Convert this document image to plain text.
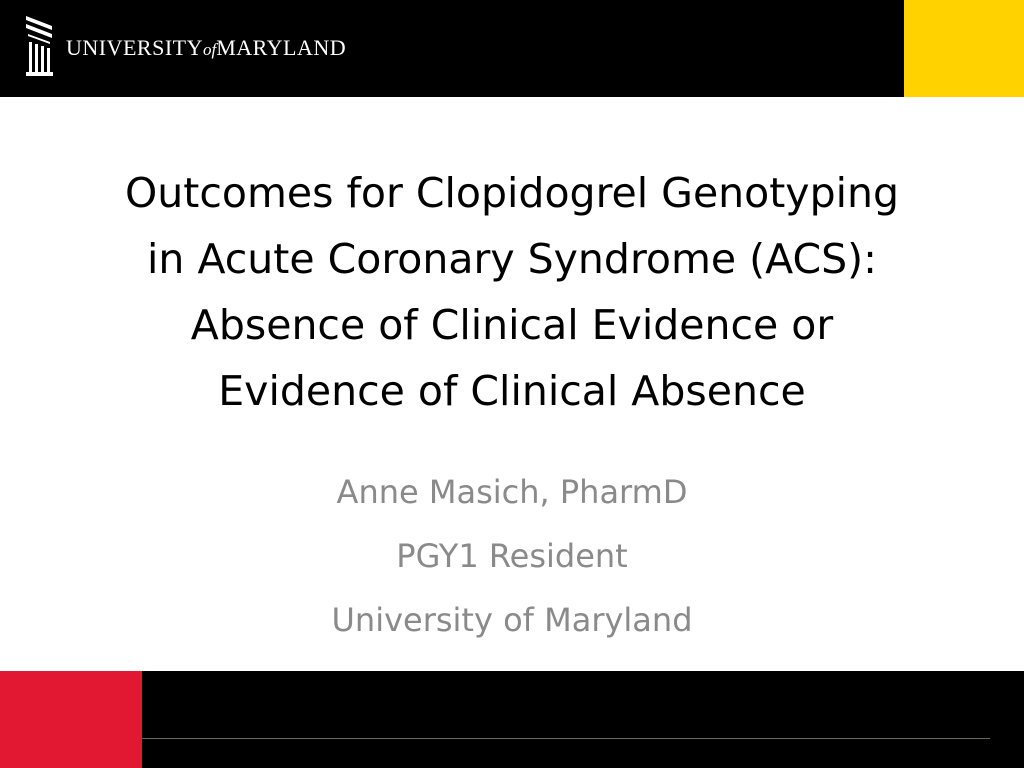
UNIVERSITYofMARYLAND
Outcomes for Clopidogrel Genotyping
in Acute Coronary Syndrome (ACS):
Absence of Clinical Evidence or
Evidence of Clinical Absence
Anne Masich, PharmD
PGY1 Resident
University of Maryland
